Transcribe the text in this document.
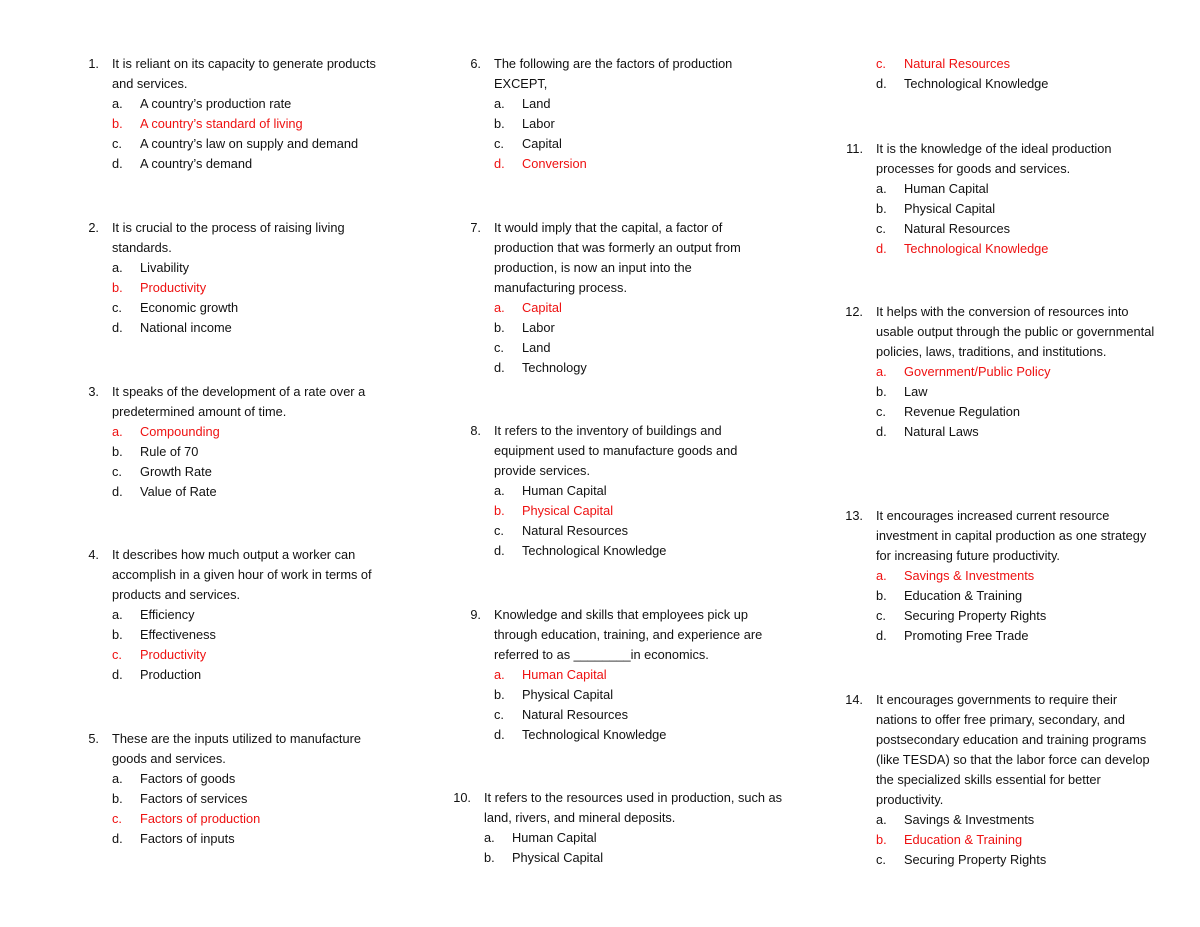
1.	It is reliant on its capacity to generate products and services.
a.	A country’s production rate
b.	A country’s standard of living
c.	A country’s law on supply and demand
d.	A country’s demand
2.	It is crucial to the process of raising living standards.
a.	Livability
b.	Productivity
c.	Economic growth
d.	National income
3.	It speaks of the development of a rate over a predetermined amount of time.
a.	Compounding
b.	Rule of 70
c.	Growth Rate
d.	Value of Rate
4.	It describes how much output a worker can accomplish in a given hour of work in terms of products and services.
a.	Efficiency
b.	Effectiveness
c.	Productivity
d.	Production
5.	These are the inputs utilized to manufacture goods and services.
a.	Factors of goods
b.	Factors of services
c.	Factors of production
d.	Factors of inputs
6.	The following are the factors of production EXCEPT,
a.	Land
b.	Labor
c.	Capital
d.	Conversion
7.	It would imply that the capital, a factor of production that was formerly an output from production, is now an input into the manufacturing process.
a.	Capital
b.	Labor
c.	Land
d.	Technology
8.	It refers to the inventory of buildings and equipment used to manufacture goods and provide services.
a.	Human Capital
b.	Physical Capital
c.	Natural Resources
d.	Technological Knowledge
9.	Knowledge and skills that employees pick up through education, training, and experience are referred to as ________in economics.
a.	Human Capital
b.	Physical Capital
c.	Natural Resources
d.	Technological Knowledge
10.	It refers to the resources used in production, such as land, rivers, and mineral deposits.
a.	Human Capital
b.	Physical Capital
c.	Natural Resources
d.	Technological Knowledge
11.	It is the knowledge of the ideal production processes for goods and services.
a.	Human Capital
b.	Physical Capital
c.	Natural Resources
d.	Technological Knowledge
12.	It helps with the conversion of resources into usable output through the public or governmental policies, laws, traditions, and institutions.
a.	Government/Public Policy
b.	Law
c.	Revenue Regulation
d.	Natural Laws
13.	It encourages increased current resource investment in capital production as one strategy for increasing future productivity.
a.	Savings & Investments
b.	Education & Training
c.	Securing Property Rights
d.	Promoting Free Trade
14.	It encourages governments to require their nations to offer free primary, secondary, and postsecondary education and training programs (like TESDA) so that the labor force can develop the specialized skills essential for better productivity.
a.	Savings & Investments
b.	Education & Training
c.	Securing Property Rights
